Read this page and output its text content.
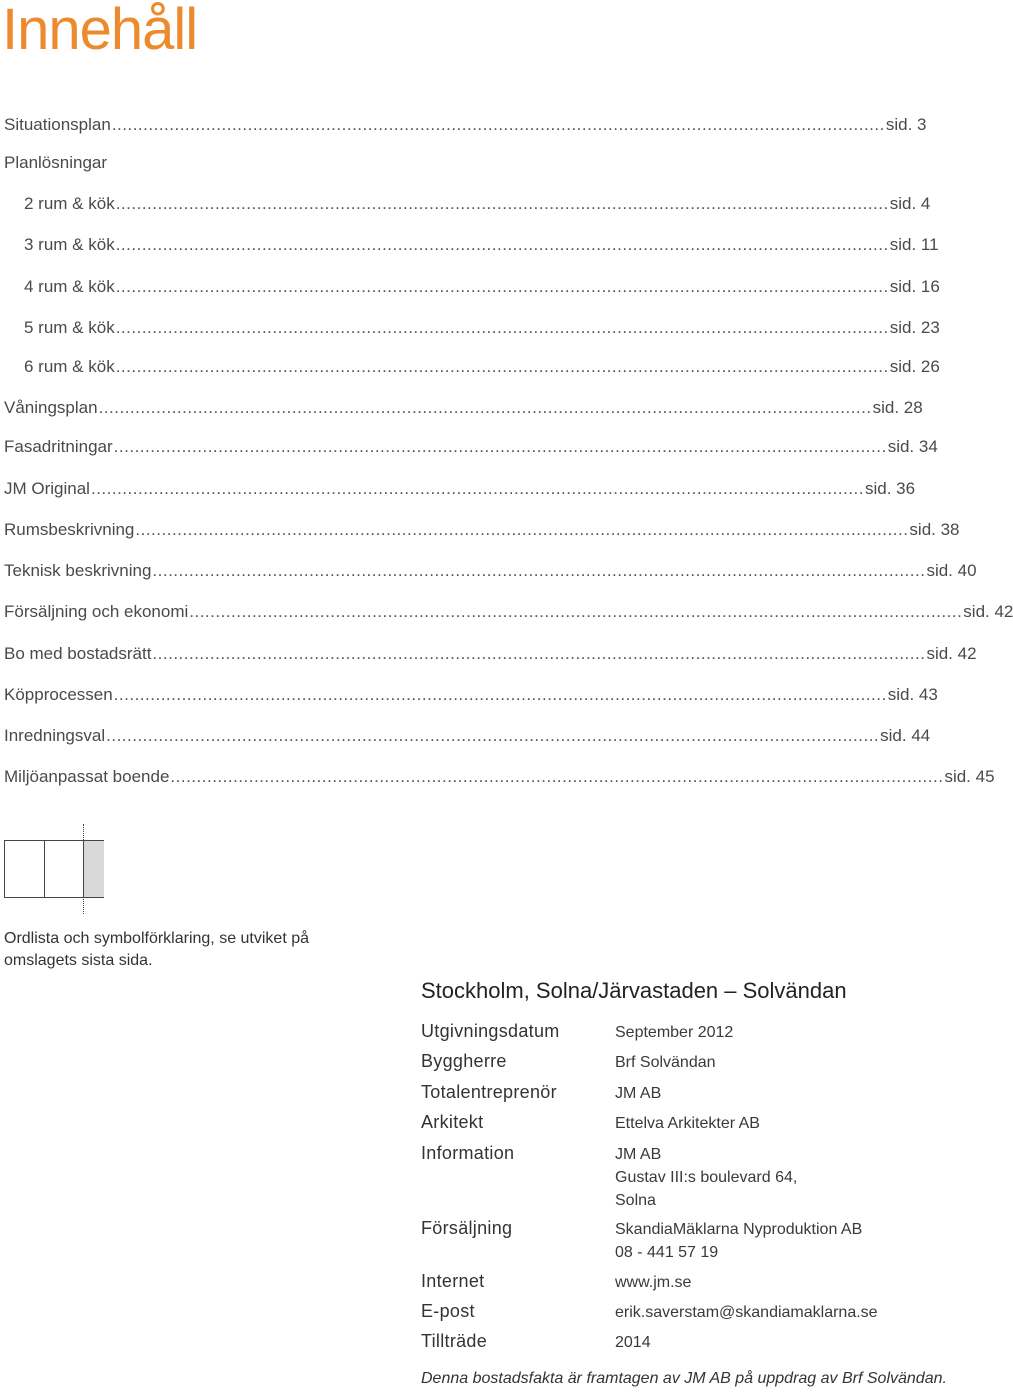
Innehåll
Situationsplan .................................................................................................................................................... sid. 3
Planlösningar
2 rum & kök .................................................................................................................................................... sid. 4
3 rum & kök .................................................................................................................................................... sid. 11
4 rum & kök .................................................................................................................................................... sid. 16
5 rum & kök .................................................................................................................................................... sid. 23
6 rum & kök .................................................................................................................................................... sid. 26
Våningsplan .................................................................................................................................................... sid. 28
Fasadritningar .................................................................................................................................................... sid. 34
JM Original .................................................................................................................................................... sid. 36
Rumsbeskrivning .................................................................................................................................................... sid. 38
Teknisk beskrivning .................................................................................................................................................... sid. 40
Försäljning och ekonomi .................................................................................................................................................... sid. 42
Bo med bostadsrätt .................................................................................................................................................... sid. 42
Köpprocessen .................................................................................................................................................... sid. 43
Inredningsval .................................................................................................................................................... sid. 44
Miljöanpassat boende .................................................................................................................................................... sid. 45
Ordlista och symbolförklaring, se utviket på omslagets sista sida.
Stockholm, Solna/Järvastaden – Solvändan
Utgivningsdatum	September 2012
Byggherre	Brf Solvändan
Totalentreprenör	JM AB
Arkitekt	Ettelva Arkitekter AB
Information	JM AB
Gustav III:s boulevard 64,
Solna
Försäljning	SkandiaMäklarna Nyproduktion AB
08 - 441 57 19
Internet	www.jm.se
E-post	erik.saverstam@skandiamaklarna.se
Tillträde	2014
Denna bostadsfakta är framtagen av JM AB på uppdrag av Brf Solvändan.
